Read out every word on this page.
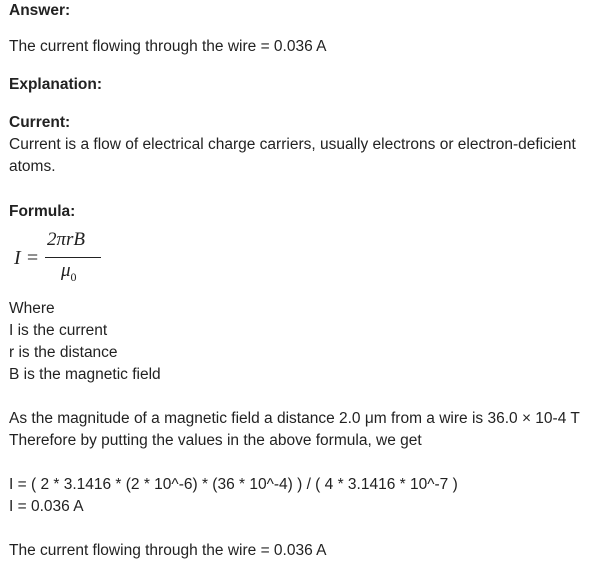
Answer:
The current flowing through the wire = 0.036 A
Explanation:
Current:
Current is a flow of electrical charge carriers, usually electrons or electron-deficient atoms.
Formula:
I =
2πrB
$\mu_0$
Where
I is the current
r is the distance
B is the magnetic field
As the magnitude of a magnetic field a distance 2.0 μm from a wire is 36.0 × 10-4 T
Therefore by putting the values in the above formula, we get
I = ( 2 * 3.1416 * (2 * 10^-6) * (36 * 10^-4) ) / ( 4 * 3.1416 * 10^-7 )
I = 0.036 A
The current flowing through the wire = 0.036 A
